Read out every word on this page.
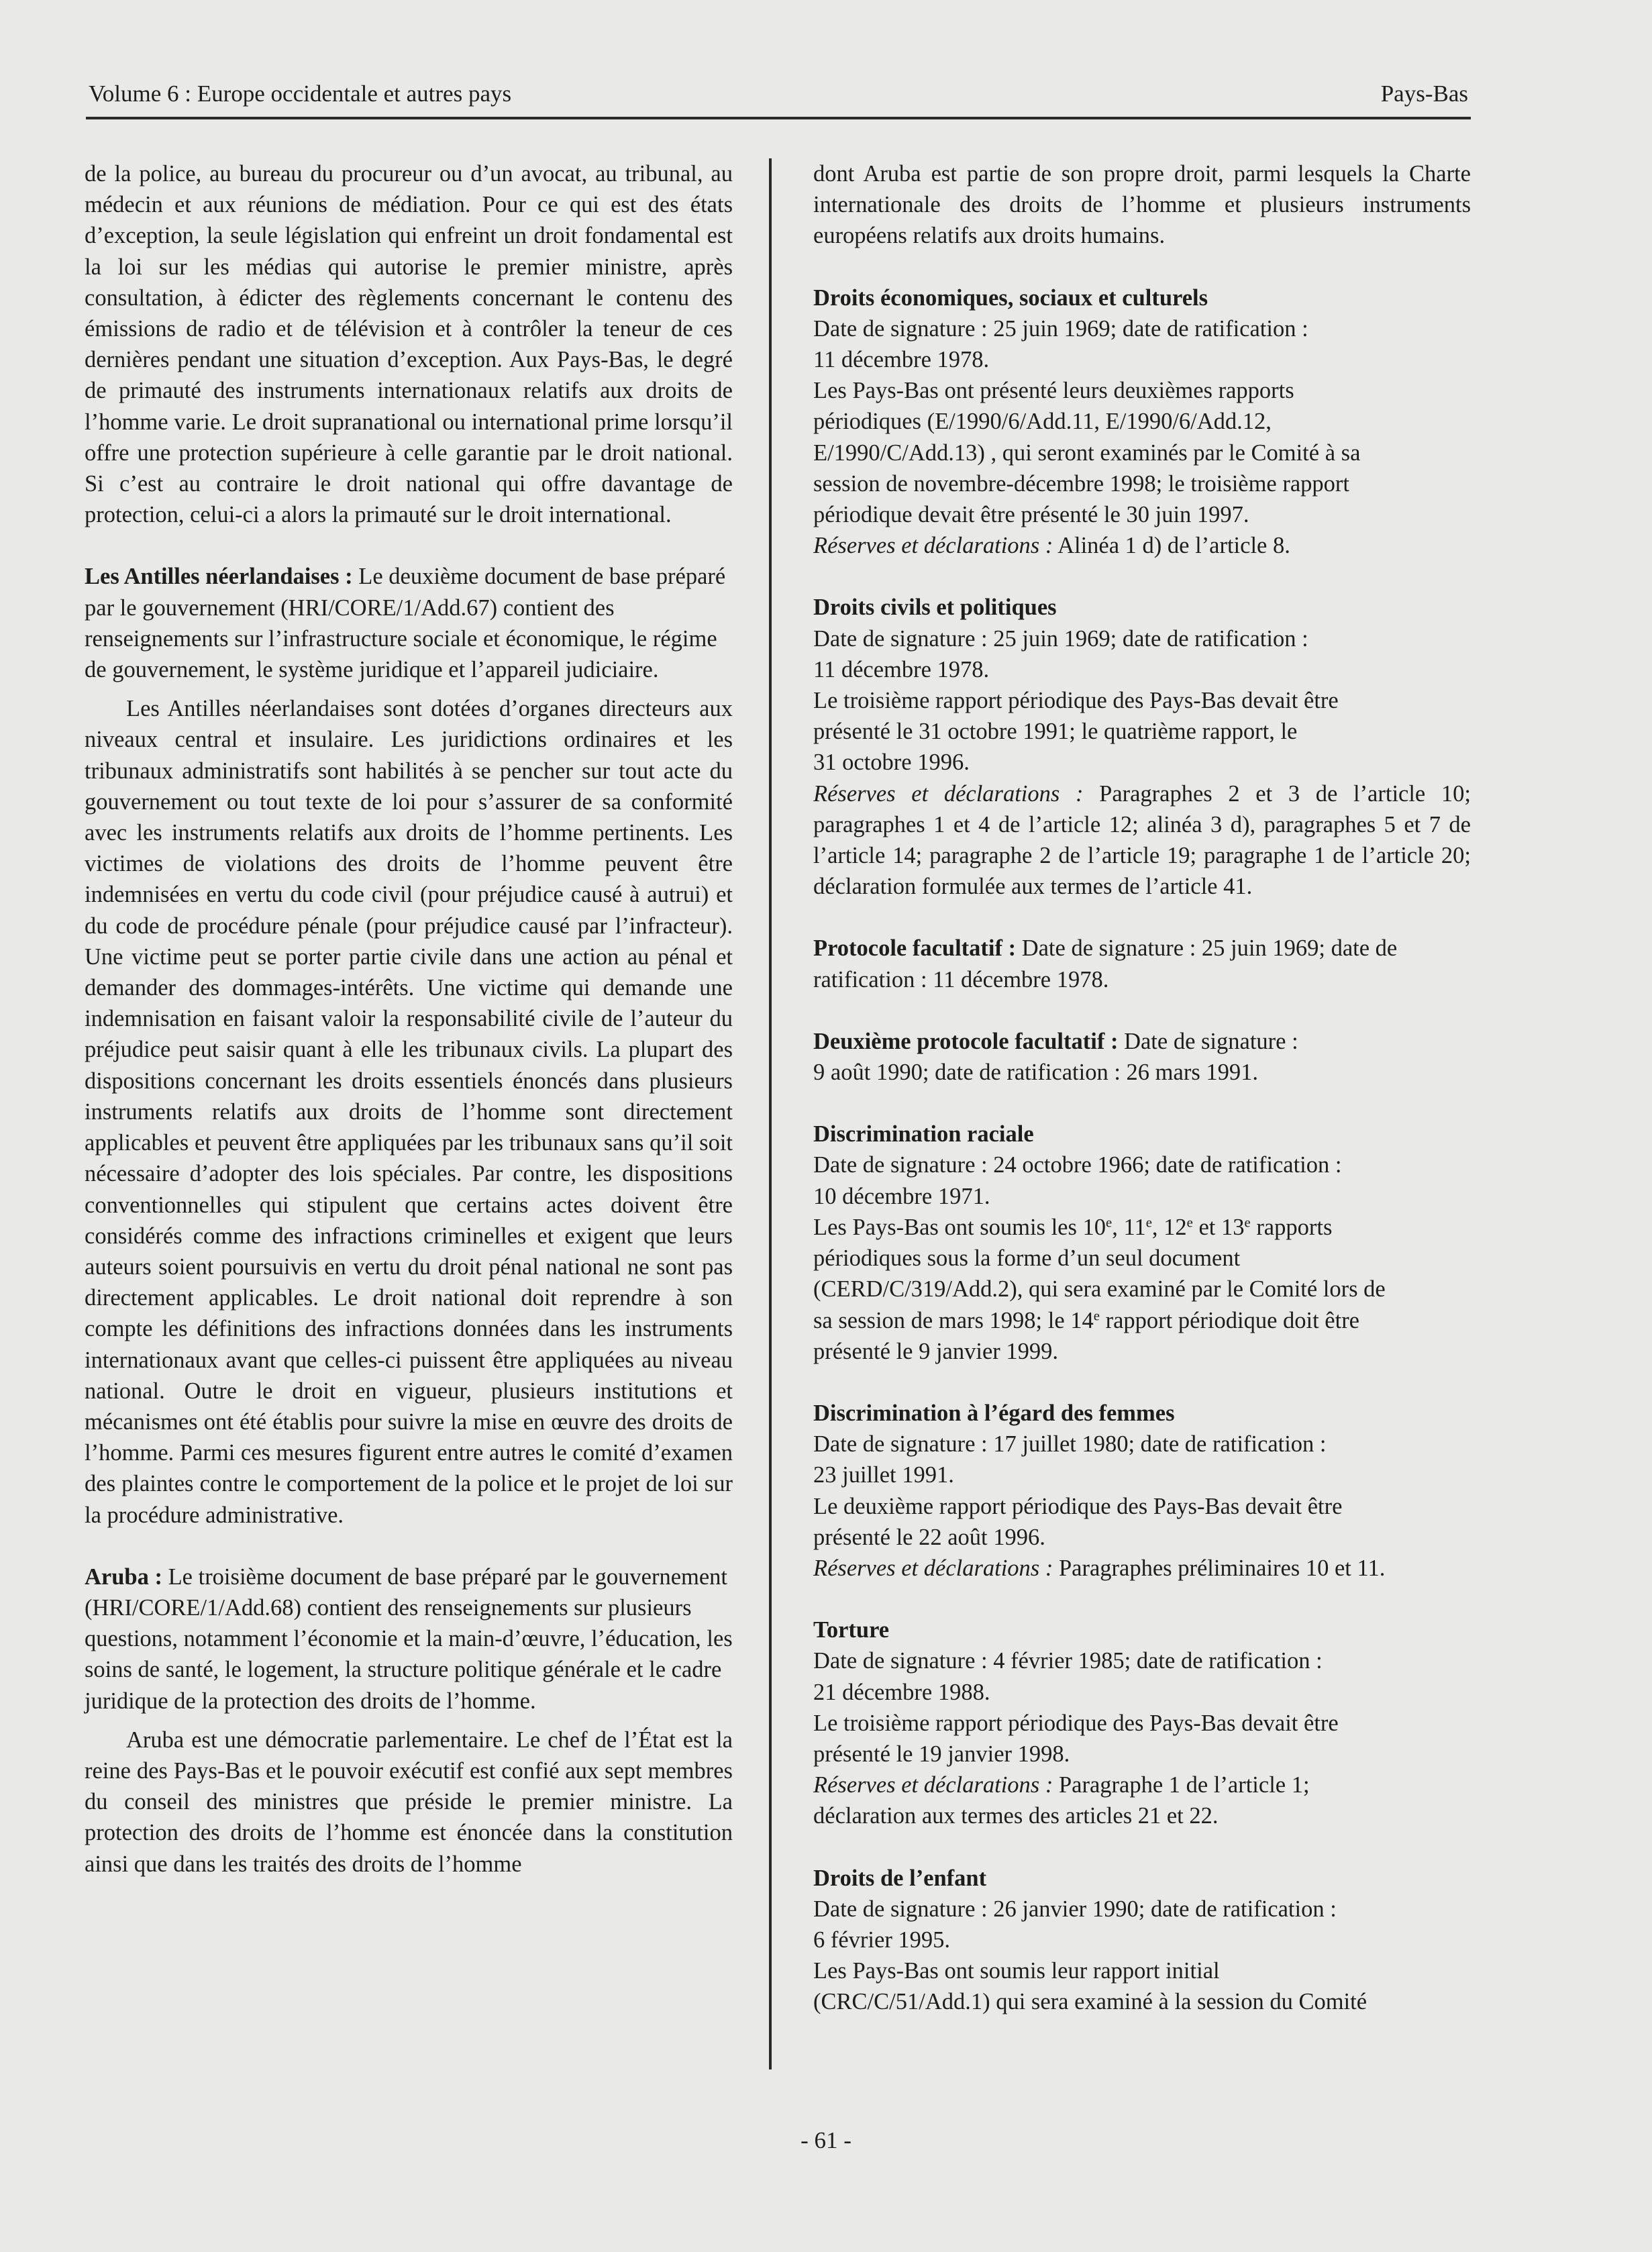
Volume 6 : Europe occidentale et autres pays	Pays-Bas

de la police, au bureau du procureur ou d’un avocat, au tribunal, au médecin et aux réunions de médiation. Pour ce qui est des états d’exception, la seule législation qui enfreint un droit fondamental est la loi sur les médias qui autorise le premier ministre, après consultation, à édicter des règlements concernant le contenu des émissions de radio et de télévision et à contrôler la teneur de ces dernières pendant une situation d’exception. Aux Pays-Bas, le degré de primauté des instruments internationaux relatifs aux droits de l’homme varie. Le droit supranational ou international prime lorsqu’il offre une protection supérieure à celle garantie par le droit national. Si c’est au contraire le droit national qui offre davantage de protection, celui-ci a alors la primauté sur le droit international.

Les Antilles néerlandaises : Le deuxième document de base préparé par le gouvernement (HRI/CORE/1/Add.67) contient des renseignements sur l’infrastructure sociale et économique, le régime de gouvernement, le système juridique et l’appareil judiciaire.

Les Antilles néerlandaises sont dotées d’organes directeurs aux niveaux central et insulaire. Les juridictions ordinaires et les tribunaux administratifs sont habilités à se pencher sur tout acte du gouvernement ou tout texte de loi pour s’assurer de sa conformité avec les instruments relatifs aux droits de l’homme pertinents. Les victimes de violations des droits de l’homme peuvent être indemnisées en vertu du code civil (pour préjudice causé à autrui) et du code de procédure pénale (pour préjudice causé par l’infracteur). Une victime peut se porter partie civile dans une action au pénal et demander des dommages-intérêts. Une victime qui demande une indemnisation en faisant valoir la responsabilité civile de l’auteur du préjudice peut saisir quant à elle les tribunaux civils. La plupart des dispositions concernant les droits essentiels énoncés dans plusieurs instruments relatifs aux droits de l’homme sont directement applicables et peuvent être appliquées par les tribunaux sans qu’il soit nécessaire d’adopter des lois spéciales. Par contre, les dispositions conventionnelles qui stipulent que certains actes doivent être considérés comme des infractions criminelles et exigent que leurs auteurs soient poursuivis en vertu du droit pénal national ne sont pas directement applicables. Le droit national doit reprendre à son compte les définitions des infractions données dans les instruments internationaux avant que celles-ci puissent être appliquées au niveau national. Outre le droit en vigueur, plusieurs institutions et mécanismes ont été établis pour suivre la mise en œuvre des droits de l’homme. Parmi ces mesures figurent entre autres le comité d’examen des plaintes contre le comportement de la police et le projet de loi sur la procédure administrative.

Aruba : Le troisième document de base préparé par le gouvernement (HRI/CORE/1/Add.68) contient des renseignements sur plusieurs questions, notamment l’économie et la main-d’œuvre, l’éducation, les soins de santé, le logement, la structure politique générale et le cadre juridique de la protection des droits de l’homme.

Aruba est une démocratie parlementaire. Le chef de l’État est la reine des Pays-Bas et le pouvoir exécutif est confié aux sept membres du conseil des ministres que préside le premier ministre. La protection des droits de l’homme est énoncée dans la constitution ainsi que dans les traités des droits de l’homme

dont Aruba est partie de son propre droit, parmi lesquels la Charte internationale des droits de l’homme et plusieurs instruments européens relatifs aux droits humains.

Droits économiques, sociaux et culturels

Date de signature : 25 juin 1969; date de ratification :

11 décembre 1978.

Les Pays-Bas ont présenté leurs deuxièmes rapports

périodiques (E/1990/6/Add.11, E/1990/6/Add.12,

E/1990/C/Add.13) , qui seront examinés par le Comité à sa

session de novembre-décembre 1998; le troisième rapport

périodique devait être présenté le 30 juin 1997.

Réserves et déclarations : Alinéa 1 d) de l’article 8.

Droits civils et politiques

Date de signature : 25 juin 1969; date de ratification :

11 décembre 1978.

Le troisième rapport périodique des Pays-Bas devait être

présenté le 31 octobre 1991; le quatrième rapport, le

31 octobre 1996.

Réserves et déclarations : Paragraphes 2 et 3 de l’article 10; paragraphes 1 et 4 de l’article 12; alinéa 3 d), paragraphes 5 et 7 de l’article 14; paragraphe 2 de l’article 19; paragraphe 1 de l’article 20; déclaration formulée aux termes de l’article 41.

Protocole facultatif : Date de signature : 25 juin 1969; date de ratification : 11 décembre 1978.

Deuxième protocole facultatif : Date de signature :

9 août 1990; date de ratification : 26 mars 1991.

Discrimination raciale

Date de signature : 24 octobre 1966; date de ratification :

10 décembre 1971.

Les Pays-Bas ont soumis les 10e, 11e, 12e et 13e rapports

périodiques sous la forme d’un seul document

(CERD/C/319/Add.2), qui sera examiné par le Comité lors de

sa session de mars 1998; le 14e rapport périodique doit être

présenté le 9 janvier 1999.

Discrimination à l’égard des femmes

Date de signature : 17 juillet 1980; date de ratification :

23 juillet 1991.

Le deuxième rapport périodique des Pays-Bas devait être

présenté le 22 août 1996.

Réserves et déclarations : Paragraphes préliminaires 10 et 11.

Torture

Date de signature : 4 février 1985; date de ratification :

21 décembre 1988.

Le troisième rapport périodique des Pays-Bas devait être

présenté le 19 janvier 1998.

Réserves et déclarations : Paragraphe 1 de l’article 1;

déclaration aux termes des articles 21 et 22.

Droits de l’enfant

Date de signature : 26 janvier 1990; date de ratification :

6 février 1995.

Les Pays-Bas ont soumis leur rapport initial

(CRC/C/51/Add.1) qui sera examiné à la session du Comité

- 61 -
